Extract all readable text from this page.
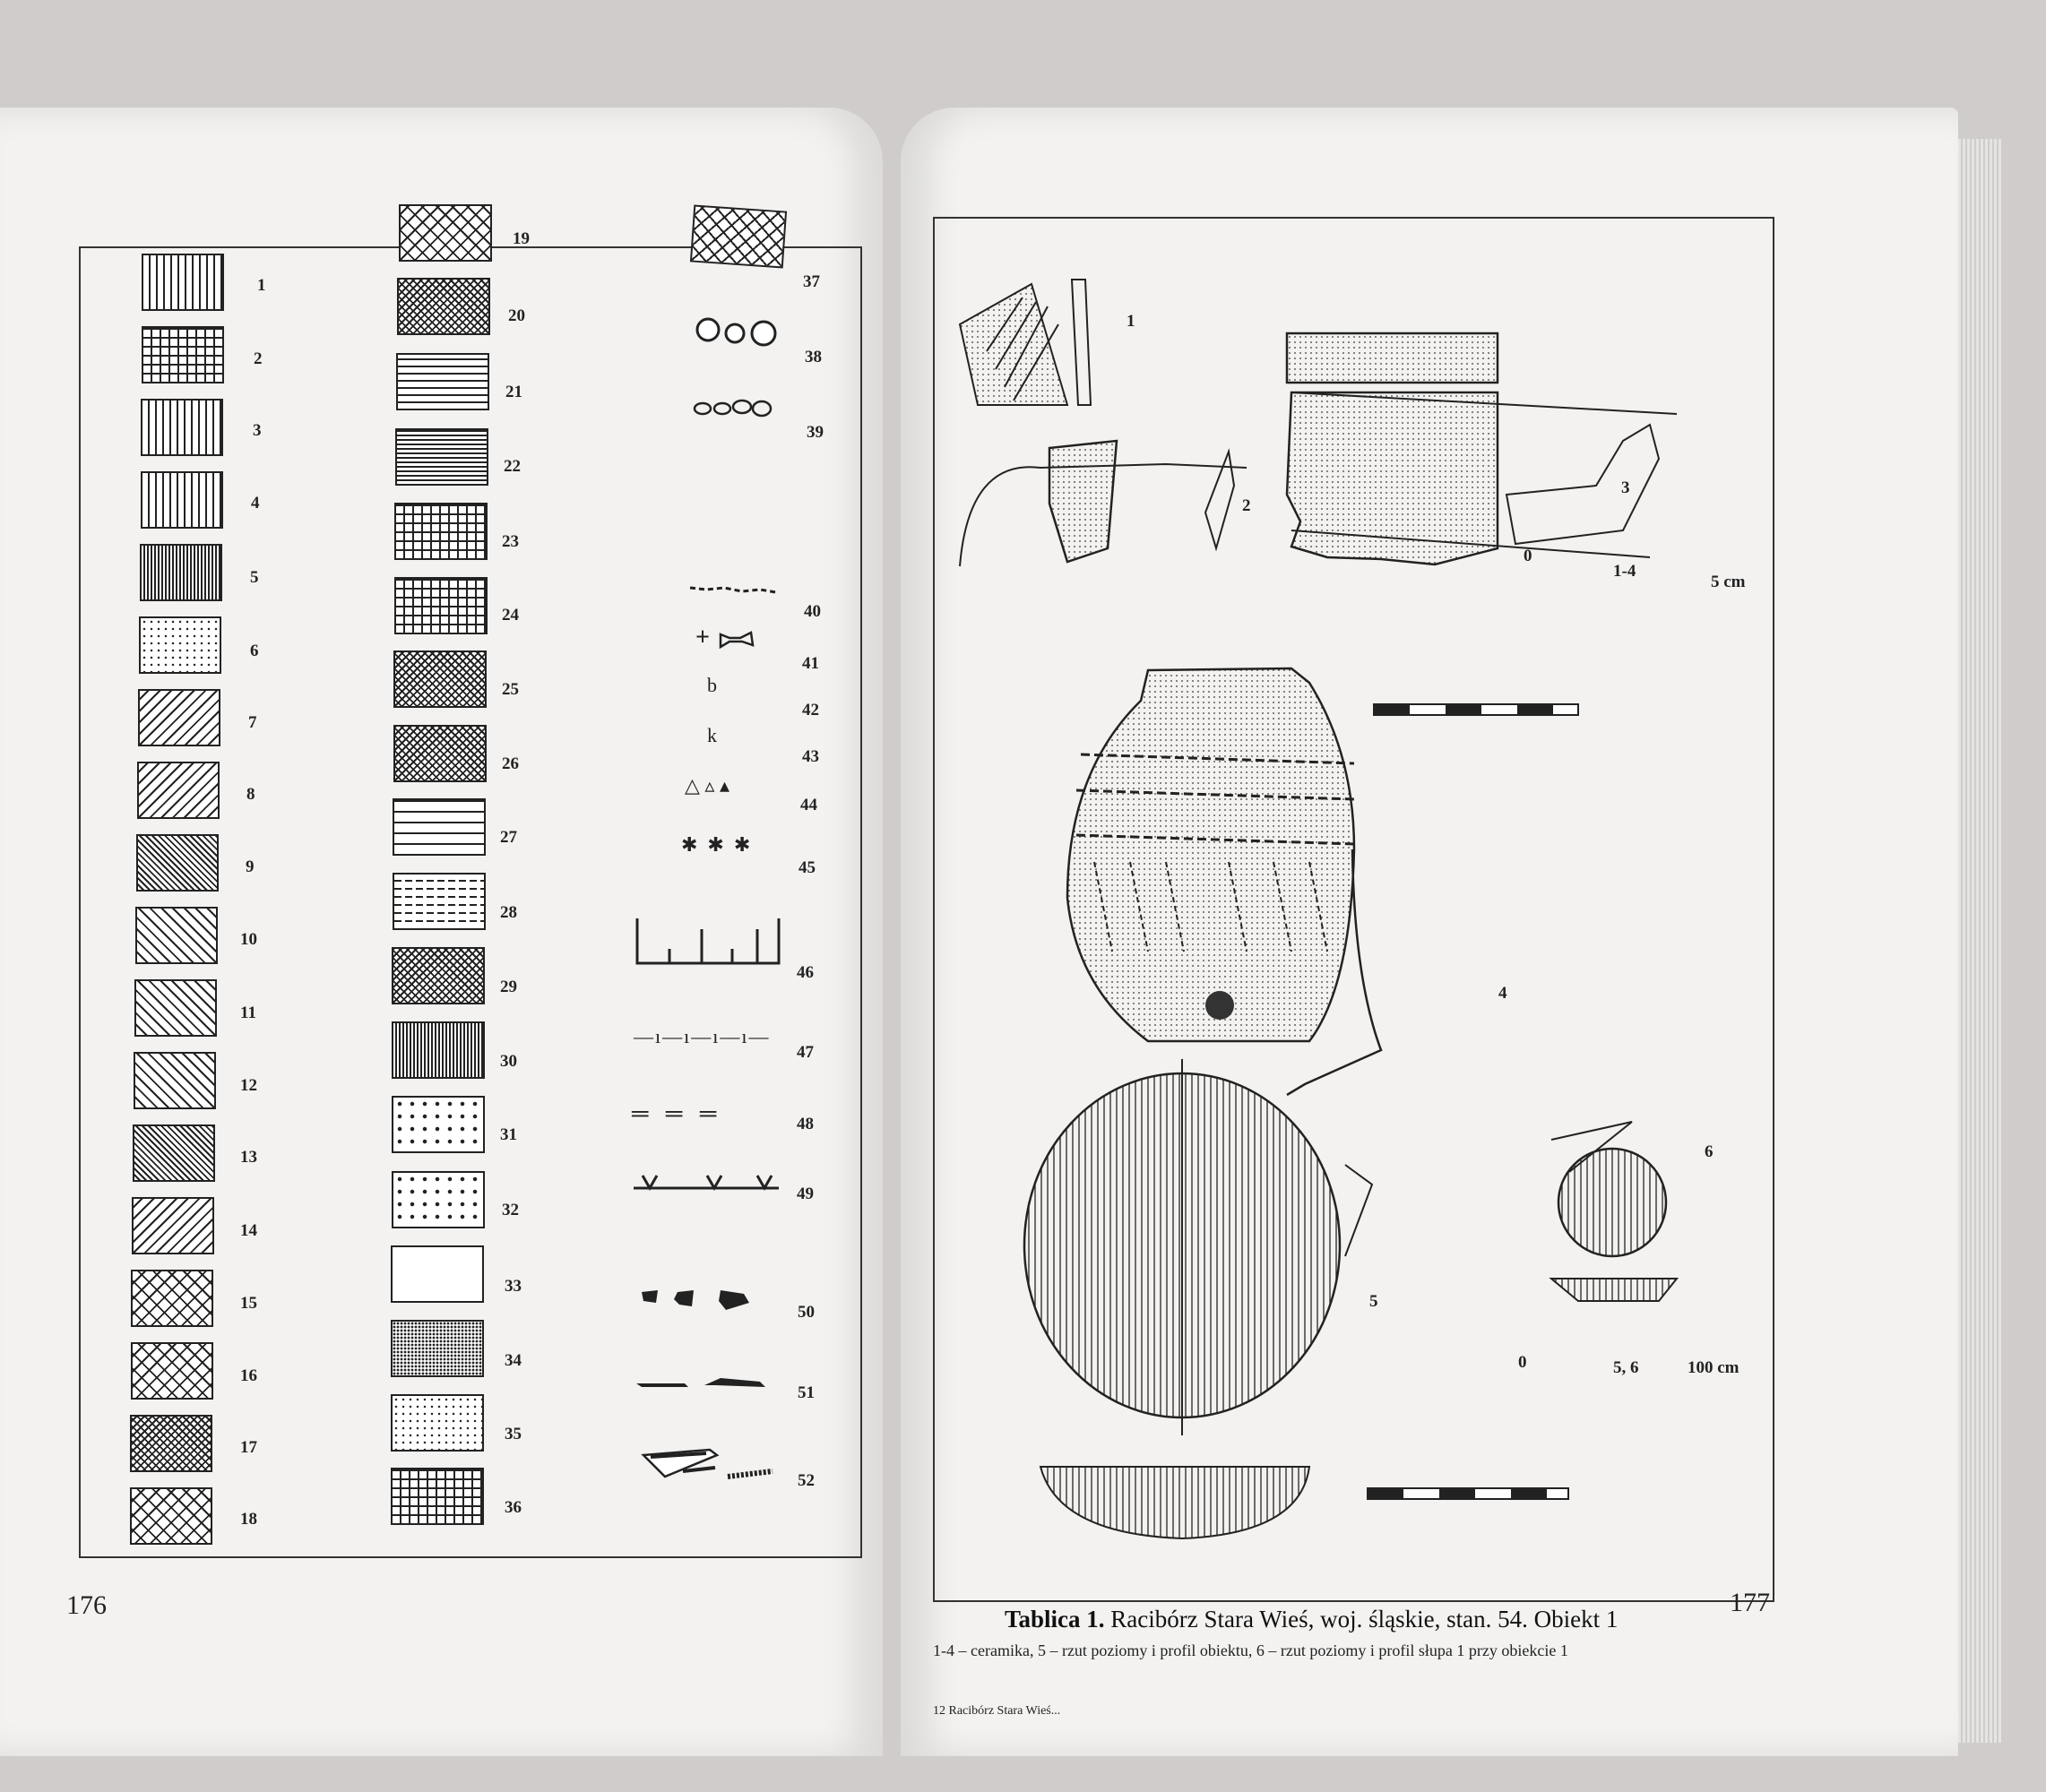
1
2
3
4
5
6
7
8
9
10
11
12
13
14
15
16
17
18
19
20
21
22
23
24
25
26
27
28
29
30
31
32
33
34
35
36
37
38
39
40
+
41
b
42
k
43
△ ▵ ▴
44
✱  ✱  ✱
45
46
—ı—ı—ı—ı—
47
═   ═   ═	48
49
50
51
52
176
1
2
3
4
5
6
0
1-4
5 cm
0	5, 6	100 cm
Tablica 1. Racibórz Stara Wieś, woj. śląskie, stan. 54. Obiekt 1
1-4 – ceramika, 5 – rzut poziomy i profil obiektu, 6 – rzut poziomy i profil słupa 1 przy obiekcie 1
12 Racibórz Stara Wieś...
177
